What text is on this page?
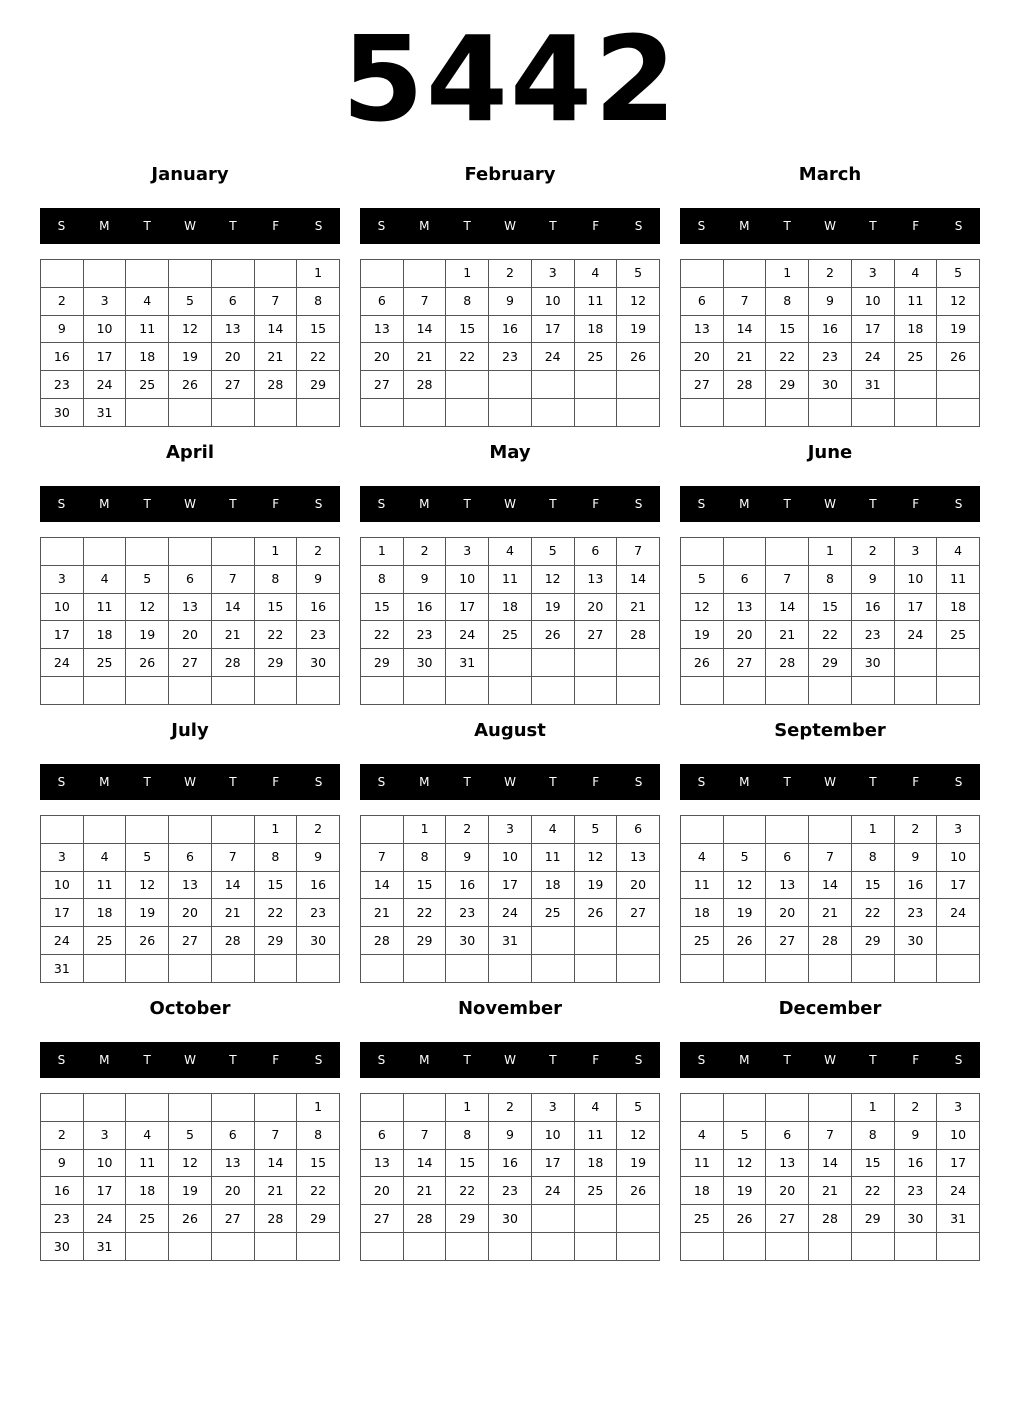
5442
January
S	M	T	W	T	F	S
						1
2	3	4	5	6	7	8
9	10	11	12	13	14	15
16	17	18	19	20	21	22
23	24	25	26	27	28	29
30	31					
February
S	M	T	W	T	F	S
		1	2	3	4	5
6	7	8	9	10	11	12
13	14	15	16	17	18	19
20	21	22	23	24	25	26
27	28					

March
S	M	T	W	T	F	S
		1	2	3	4	5
6	7	8	9	10	11	12
13	14	15	16	17	18	19
20	21	22	23	24	25	26
27	28	29	30	31		

April
S	M	T	W	T	F	S
					1	2
3	4	5	6	7	8	9
10	11	12	13	14	15	16
17	18	19	20	21	22	23
24	25	26	27	28	29	30

May
S	M	T	W	T	F	S
1	2	3	4	5	6	7
8	9	10	11	12	13	14
15	16	17	18	19	20	21
22	23	24	25	26	27	28
29	30	31				

June
S	M	T	W	T	F	S
			1	2	3	4
5	6	7	8	9	10	11
12	13	14	15	16	17	18
19	20	21	22	23	24	25
26	27	28	29	30		

July
S	M	T	W	T	F	S
					1	2
3	4	5	6	7	8	9
10	11	12	13	14	15	16
17	18	19	20	21	22	23
24	25	26	27	28	29	30
31						
August
S	M	T	W	T	F	S
	1	2	3	4	5	6
7	8	9	10	11	12	13
14	15	16	17	18	19	20
21	22	23	24	25	26	27
28	29	30	31			

September
S	M	T	W	T	F	S
				1	2	3
4	5	6	7	8	9	10
11	12	13	14	15	16	17
18	19	20	21	22	23	24
25	26	27	28	29	30	

October
S	M	T	W	T	F	S
						1
2	3	4	5	6	7	8
9	10	11	12	13	14	15
16	17	18	19	20	21	22
23	24	25	26	27	28	29
30	31					
November
S	M	T	W	T	F	S
		1	2	3	4	5
6	7	8	9	10	11	12
13	14	15	16	17	18	19
20	21	22	23	24	25	26
27	28	29	30			

December
S	M	T	W	T	F	S
				1	2	3
4	5	6	7	8	9	10
11	12	13	14	15	16	17
18	19	20	21	22	23	24
25	26	27	28	29	30	31
